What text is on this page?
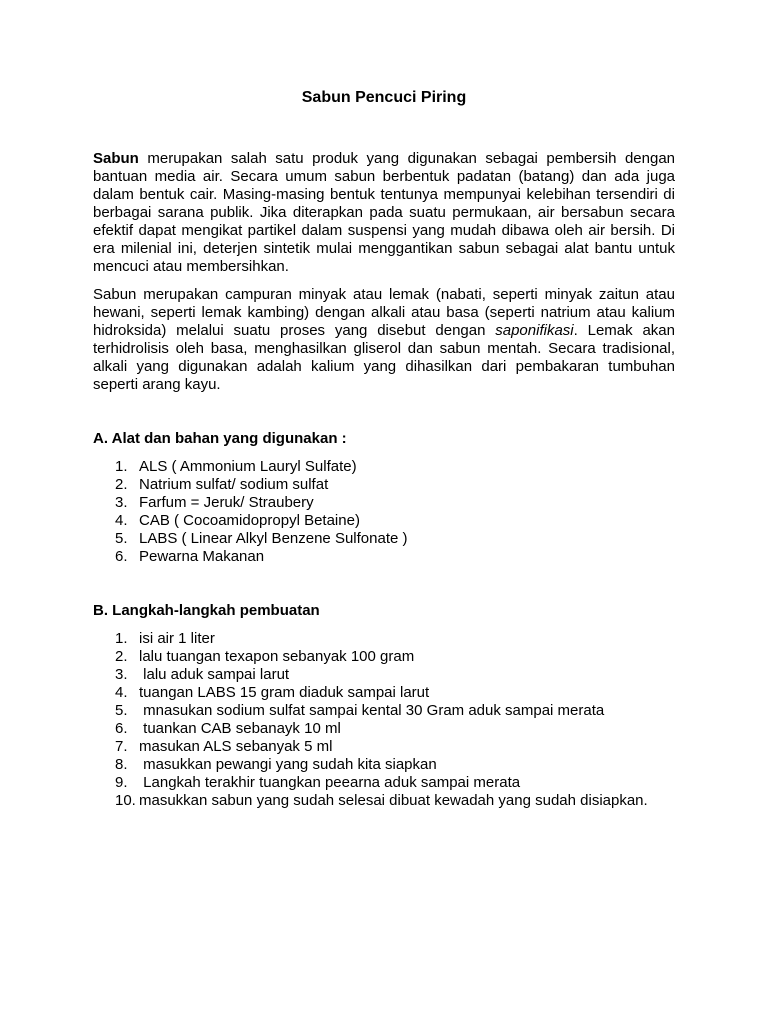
Sabun Pencuci Piring

Sabun merupakan salah satu produk yang digunakan sebagai pembersih dengan bantuan media air. Secara umum sabun berbentuk padatan (batang) dan ada juga dalam bentuk cair. Masing-masing bentuk tentunya mempunyai kelebihan tersendiri di berbagai sarana publik. Jika diterapkan pada suatu permukaan, air bersabun secara efektif dapat mengikat partikel dalam suspensi yang mudah dibawa oleh air bersih. Di era milenial ini, deterjen sintetik mulai menggantikan sabun sebagai alat bantu untuk mencuci atau membersihkan.

Sabun merupakan campuran minyak atau lemak (nabati, seperti minyak zaitun atau hewani, seperti lemak kambing) dengan alkali atau basa (seperti natrium atau kalium hidroksida) melalui suatu proses yang disebut dengan saponifikasi. Lemak akan terhidrolisis oleh basa, menghasilkan gliserol dan sabun mentah. Secara tradisional, alkali yang digunakan adalah kalium yang dihasilkan dari pembakaran tumbuhan seperti arang kayu.

A. Alat dan bahan yang digunakan :
1. ALS ( Ammonium Lauryl Sulfate)
2. Natrium sulfat/ sodium sulfat
3. Farfum = Jeruk/ Straubery
4. CAB ( Cocoamidopropyl Betaine)
5. LABS ( Linear Alkyl Benzene Sulfonate )
6. Pewarna Makanan
B. Langkah-langkah pembuatan
1. isi air 1 liter
2. lalu tuangan texapon sebanyak 100 gram
3. lalu aduk sampai larut
4. tuangan LABS 15 gram diaduk sampai larut
5. mnasukan sodium sulfat sampai kental 30 Gram aduk sampai merata
6. tuankan CAB sebanayk 10 ml
7. masukan ALS sebanyak 5 ml
8. masukkan pewangi yang sudah kita siapkan
9. Langkah terakhir tuangkan peearna aduk sampai merata
10. masukkan sabun yang sudah selesai dibuat kewadah yang sudah disiapkan.
